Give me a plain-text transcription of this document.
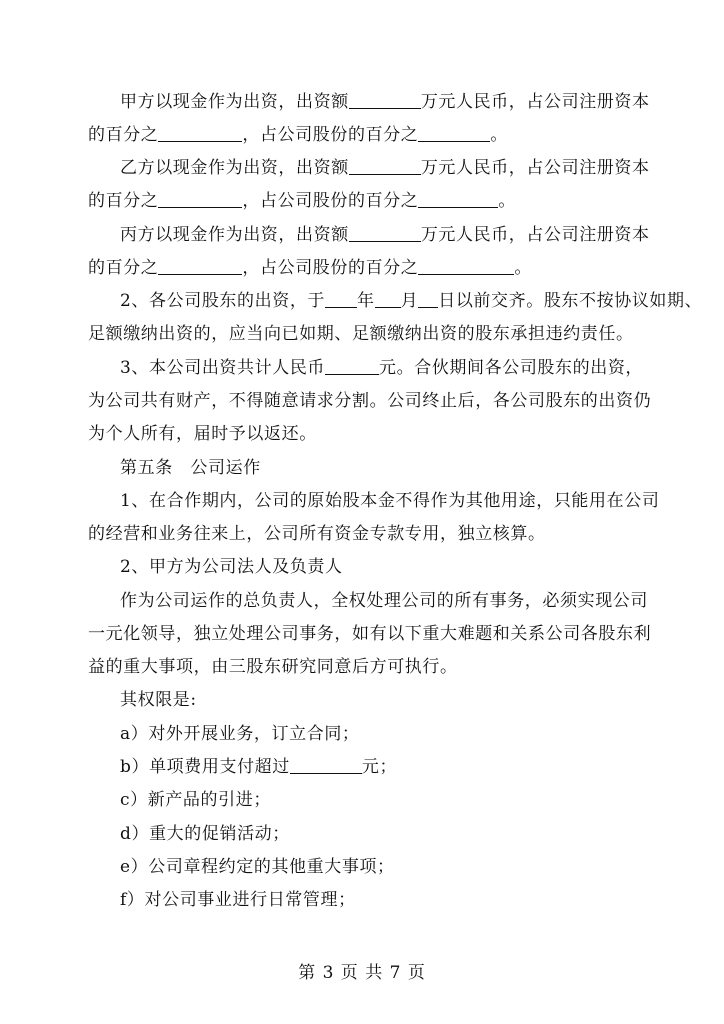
甲方以现金作为出资，出资额	万元人民币，占公司注册资本
的百分之	，占公司股份的百分之	。
乙方以现金作为出资，出资额	万元人民币，占公司注册资本
的百分之	，占公司股份的百分之	。
丙方以现金作为出资，出资额	万元人民币，占公司注册资本
的百分之	，占公司股份的百分之	。
2、各公司股东的出资，于 年 月 日以前交齐。股东不按协议如期、
足额缴纳出资的，应当向已如期、足额缴纳出资的股东承担违约责任。
3、本公司出资共计人民币	元。合伙期间各公司股东的出资，
为公司共有财产，不得随意请求分割。公司终止后，各公司股东的出资仍
为个人所有，届时予以返还。
第五条　公司运作
1、在合作期内，公司的原始股本金不得作为其他用途，只能用在公司
的经营和业务往来上，公司所有资金专款专用，独立核算。
2、甲方为公司法人及负责人
作为公司运作的总负责人，全权处理公司的所有事务，必须实现公司
一元化领导，独立处理公司事务，如有以下重大难题和关系公司各股东利
益的重大事项，由三股东研究同意后方可执行。
其权限是:
a）对外开展业务，订立合同；
b）单项费用支付超过	元；
c）新产品的引进；
d）重大的促销活动；
e）公司章程约定的其他重大事项；
f）对公司事业进行日常管理；
第 3 页 共 7 页
